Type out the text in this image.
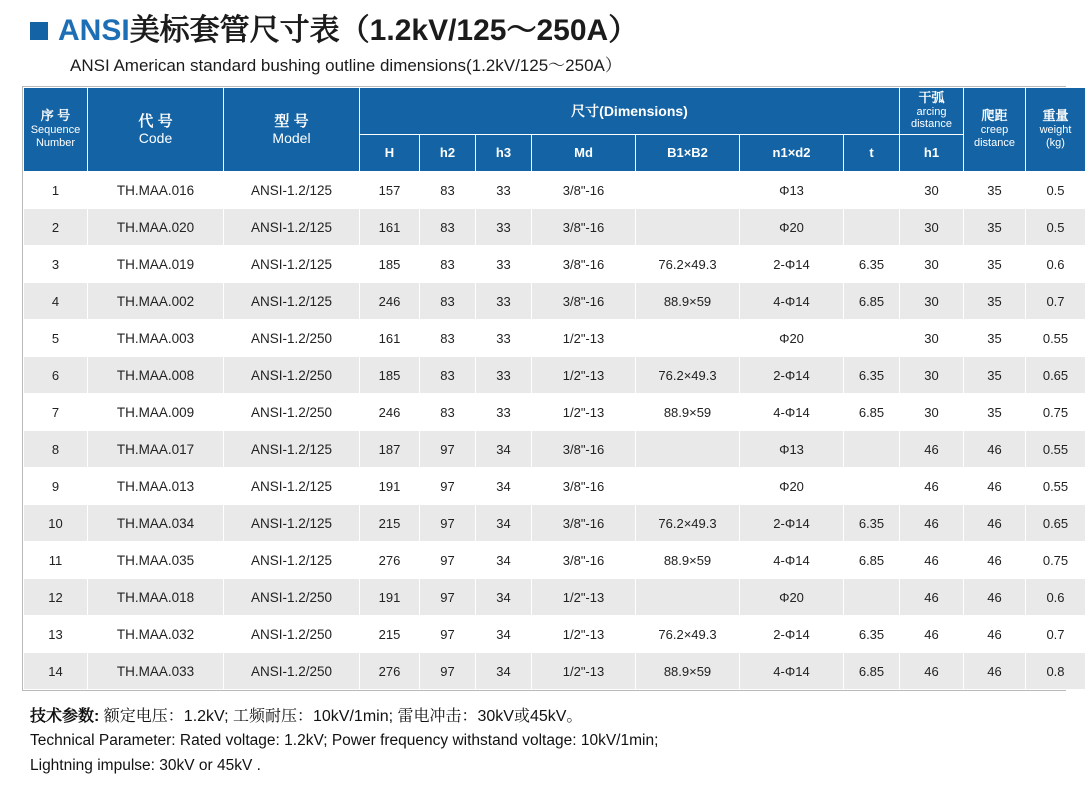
ANSI美标套管尺寸表（1.2kV/125～250A）
ANSI American standard bushing outline dimensions(1.2kV/125～250A）
序 号
Sequence
Number	代 号
Code	型 号
Model	尺寸(Dimensions)							干弧
arcing
distance	爬距
creep
distance	重量
weight
(kg)

			H	h2	h3	Md	B1×B2	n1×d2	t	h1		
1	TH.MAA.016	ANSI-1.2/125	157	83	33	3/8"-16		Φ13		30	35	0.5
2	TH.MAA.020	ANSI-1.2/125	161	83	33	3/8"-16		Φ20		30	35	0.5
3	TH.MAA.019	ANSI-1.2/125	185	83	33	3/8"-16	76.2×49.3	2-Φ14	6.35	30	35	0.6
4	TH.MAA.002	ANSI-1.2/125	246	83	33	3/8"-16	88.9×59	4-Φ14	6.85	30	35	0.7
5	TH.MAA.003	ANSI-1.2/250	161	83	33	1/2"-13		Φ20		30	35	0.55
6	TH.MAA.008	ANSI-1.2/250	185	83	33	1/2"-13	76.2×49.3	2-Φ14	6.35	30	35	0.65
7	TH.MAA.009	ANSI-1.2/250	246	83	33	1/2"-13	88.9×59	4-Φ14	6.85	30	35	0.75
8	TH.MAA.017	ANSI-1.2/125	187	97	34	3/8"-16		Φ13		46	46	0.55
9	TH.MAA.013	ANSI-1.2/125	191	97	34	3/8"-16		Φ20		46	46	0.55
10	TH.MAA.034	ANSI-1.2/125	215	97	34	3/8"-16	76.2×49.3	2-Φ14	6.35	46	46	0.65
11	TH.MAA.035	ANSI-1.2/125	276	97	34	3/8"-16	88.9×59	4-Φ14	6.85	46	46	0.75
12	TH.MAA.018	ANSI-1.2/250	191	97	34	1/2"-13		Φ20		46	46	0.6
13	TH.MAA.032	ANSI-1.2/250	215	97	34	1/2"-13	76.2×49.3	2-Φ14	6.35	46	46	0.7
14	TH.MAA.033	ANSI-1.2/250	276	97	34	1/2"-13	88.9×59	4-Φ14	6.85	46	46	0.8
技术参数: 额定电压：1.2kV; 工频耐压：10kV/1min; 雷电冲击：30kV或45kV。
Technical Parameter: Rated voltage: 1.2kV; Power frequency withstand voltage: 10kV/1min;
Lightning impulse: 30kV or 45kV .
